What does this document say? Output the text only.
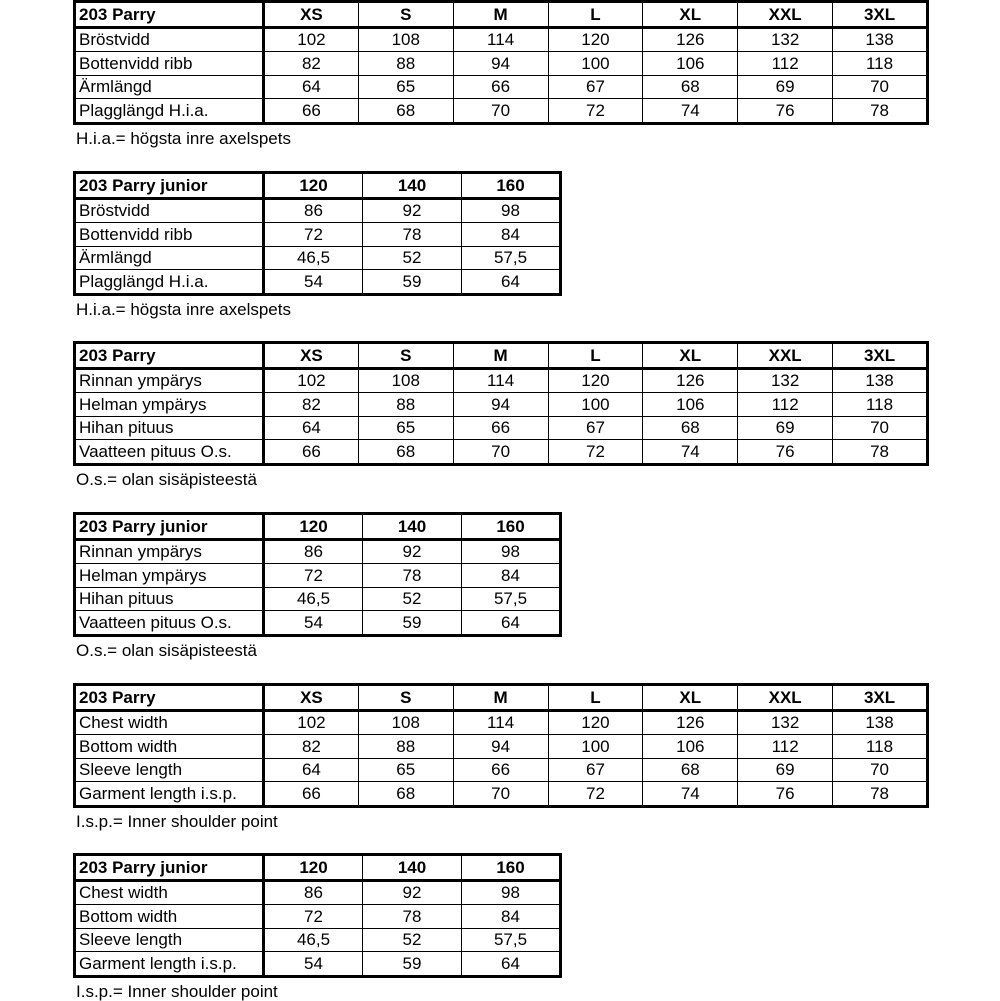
203 Parry	XS	S	M	L	XL	XXL	3XL
Bröstvidd	102	108	114	120	126	132	138
Bottenvidd ribb	82	88	94	100	106	112	118
Ärmlängd	64	65	66	67	68	69	70
Plagglängd H.i.a.	66	68	70	72	74	76	78
H.i.a.= högsta inre axelspets
203 Parry junior	120	140	160
Bröstvidd	86	92	98
Bottenvidd ribb	72	78	84
Ärmlängd	46,5	52	57,5
Plagglängd H.i.a.	54	59	64
H.i.a.= högsta inre axelspets
203 Parry	XS	S	M	L	XL	XXL	3XL
Rinnan ympärys	102	108	114	120	126	132	138
Helman ympärys	82	88	94	100	106	112	118
Hihan pituus	64	65	66	67	68	69	70
Vaatteen pituus O.s.	66	68	70	72	74	76	78
O.s.= olan sisäpisteestä
203 Parry junior	120	140	160
Rinnan ympärys	86	92	98
Helman ympärys	72	78	84
Hihan pituus	46,5	52	57,5
Vaatteen pituus O.s.	54	59	64
O.s.= olan sisäpisteestä
203 Parry	XS	S	M	L	XL	XXL	3XL
Chest width	102	108	114	120	126	132	138
Bottom width	82	88	94	100	106	112	118
Sleeve length	64	65	66	67	68	69	70
Garment length i.s.p.	66	68	70	72	74	76	78
I.s.p.= Inner shoulder point
203 Parry junior	120	140	160
Chest width	86	92	98
Bottom width	72	78	84
Sleeve length	46,5	52	57,5
Garment length i.s.p.	54	59	64
I.s.p.= Inner shoulder point
